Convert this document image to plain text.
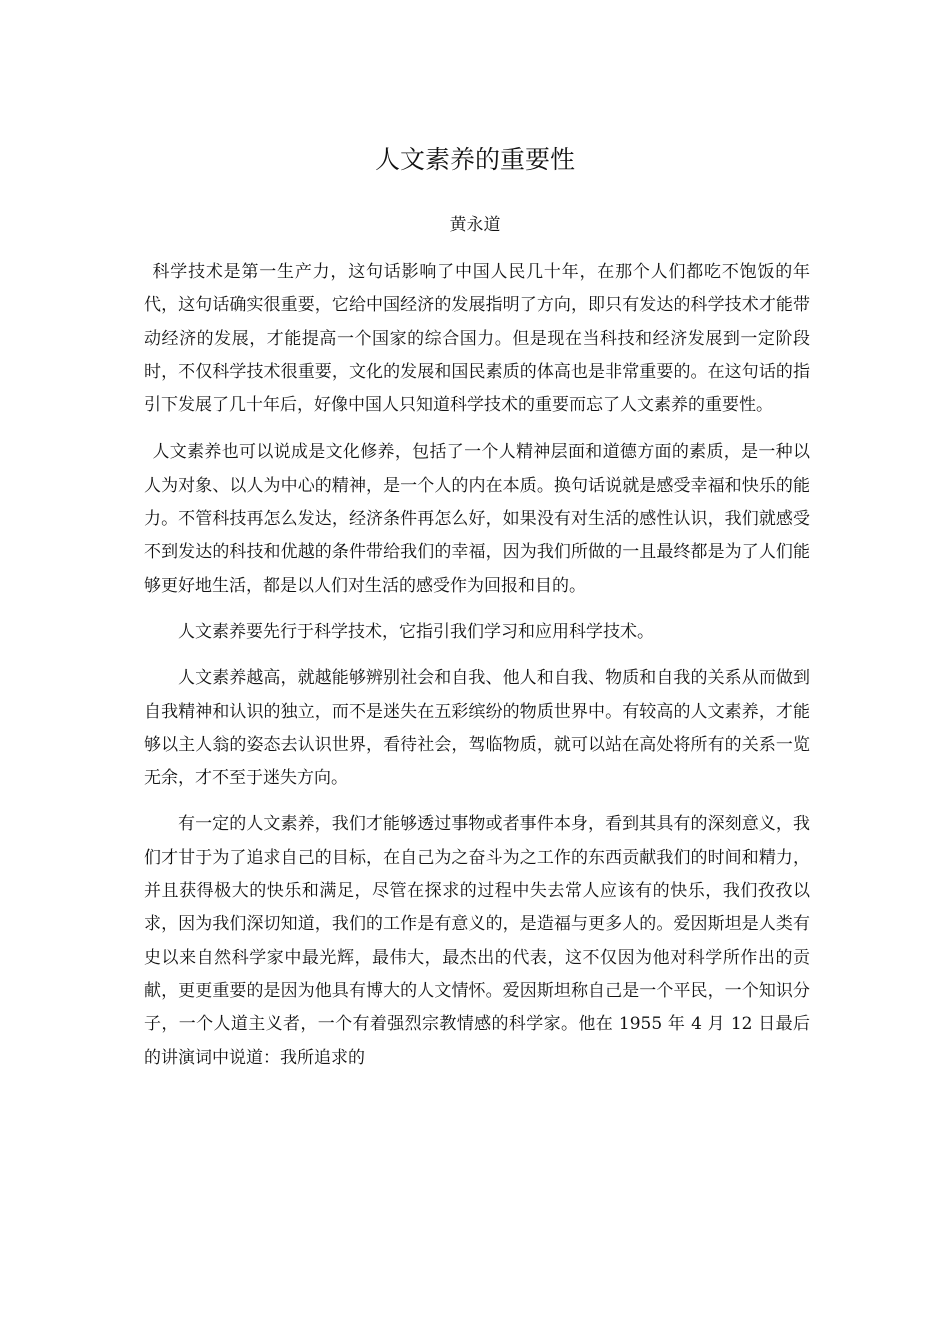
人文素养的重要性
黄永道

科学技术是第一生产力，这句话影响了中国人民几十年，在那个人们都吃不饱饭的年代，这句话确实很重要，它给中国经济的发展指明了方向，即只有发达的科学技术才能带动经济的发展，才能提高一个国家的综合国力。但是现在当科技和经济发展到一定阶段时，不仅科学技术很重要，文化的发展和国民素质的体高也是非常重要的。在这句话的指引下发展了几十年后，好像中国人只知道科学技术的重要而忘了人文素养的重要性。

人文素养也可以说成是文化修养，包括了一个人精神层面和道德方面的素质，是一种以人为对象、以人为中心的精神，是一个人的内在本质。换句话说就是感受幸福和快乐的能力。不管科技再怎么发达，经济条件再怎么好，如果没有对生活的感性认识，我们就感受不到发达的科技和优越的条件带给我们的幸福，因为我们所做的一且最终都是为了人们能够更好地生活，都是以人们对生活的感受作为回报和目的。

人文素养要先行于科学技术，它指引我们学习和应用科学技术。

人文素养越高，就越能够辨别社会和自我、他人和自我、物质和自我的关系从而做到自我精神和认识的独立，而不是迷失在五彩缤纷的物质世界中。有较高的人文素养，才能够以主人翁的姿态去认识世界，看待社会，驾临物质，就可以站在高处将所有的关系一览无余，才不至于迷失方向。

有一定的人文素养，我们才能够透过事物或者事件本身，看到其具有的深刻意义，我们才甘于为了追求自己的目标，在自己为之奋斗为之工作的东西贡献我们的时间和精力，并且获得极大的快乐和满足，尽管在探求的过程中失去常人应该有的快乐，我们孜孜以求，因为我们深切知道，我们的工作是有意义的，是造福与更多人的。爱因斯坦是人类有史以来自然科学家中最光辉，最伟大，最杰出的代表，这不仅因为他对科学所作出的贡献，更更重要的是因为他具有博大的人文情怀。爱因斯坦称自己是一个平民，一个知识分子，一个人道主义者，一个有着强烈宗教情感的科学家。他在 1955 年 4 月 12 日最后的讲演词中说道：我所追求的
